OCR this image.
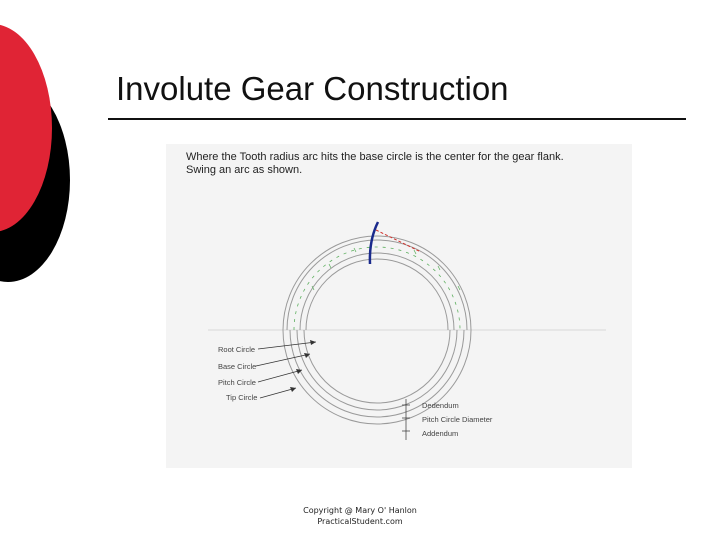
Involute Gear Construction
Root Circle
Base Circle
Pitch Circle
Tip Circle
Dedendum
Pitch Circle Diameter
Addendum
Where the Tooth radius arc hits the base circle is the center for the gear flank.
Swing an arc as shown.
Copyright @ Mary O' Hanlon
PracticalStudent.com
